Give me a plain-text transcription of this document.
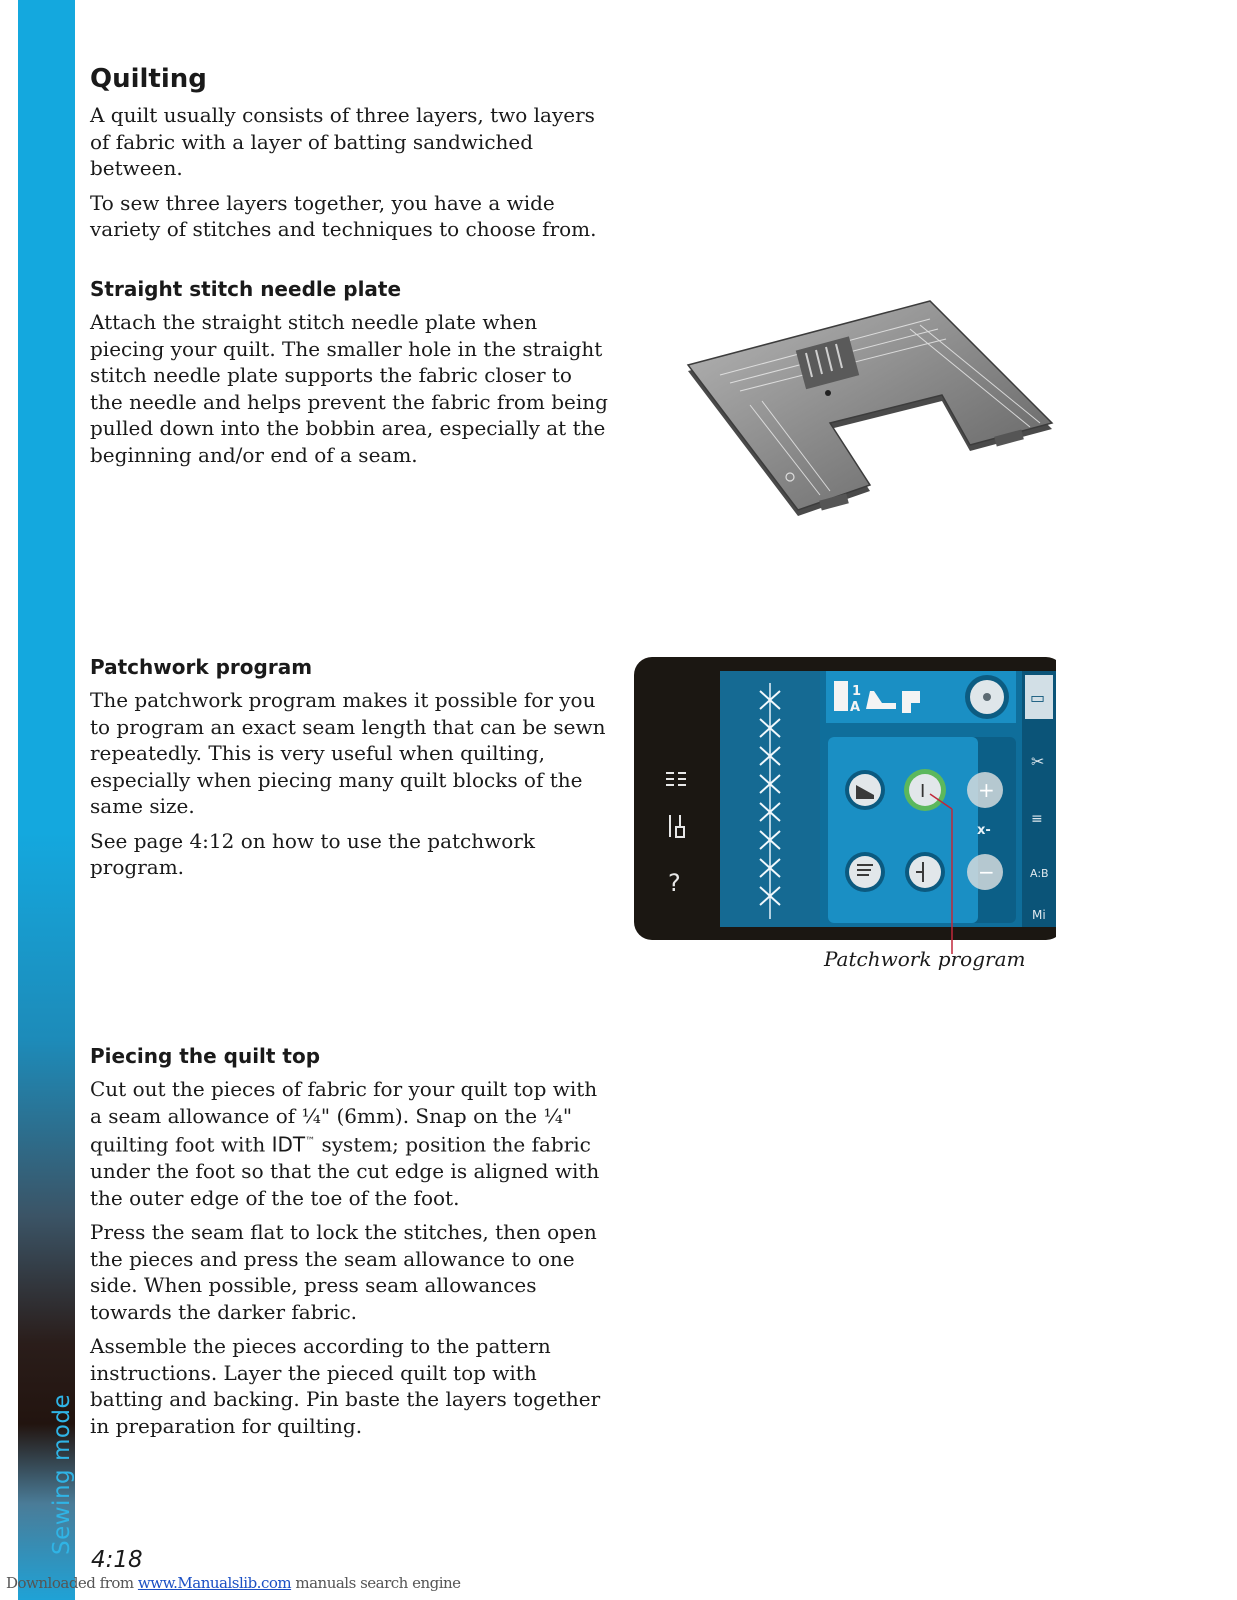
Sewing mode
Quilting

A quilt usually consists of three layers, two layers of fabric with a layer of batting sandwiched between.

To sew three layers together, you have a wide variety of stitches and techniques to choose from.

Straight stitch needle plate

Attach the straight stitch needle plate when piecing your quilt. The smaller hole in the straight stitch needle plate supports the fabric closer to the needle and helps prevent the fabric from being pulled down into the bobbin area, especially at the beginning and/or end of a seam.

Patchwork program

The patchwork program makes it possible for you to program an exact seam length that can be sewn repeatedly. This is very useful when quilting, especially when piecing many quilt blocks of the same size.

See page 4:12 on how to use the patchwork program.

1
A
▭
✂
≡
A:B
Mi
I	+
x-
−
?
Patchwork program
Piecing the quilt top

Cut out the pieces of fabric for your quilt top with a seam allowance of ¼" (6mm). Snap on the ¼" quilting foot with IDT™ system; position the fabric under the foot so that the cut edge is aligned with the outer edge of the toe of the foot.

Press the seam flat to lock the stitches, then open the pieces and press the seam allowance to one side. When possible, press seam allowances towards the darker fabric.

Assemble the pieces according to the pattern instructions. Layer the pieced quilt top with batting and backing. Pin baste the layers together in preparation for quilting.

4:18
Downloaded from www.Manualslib.com manuals search engine
